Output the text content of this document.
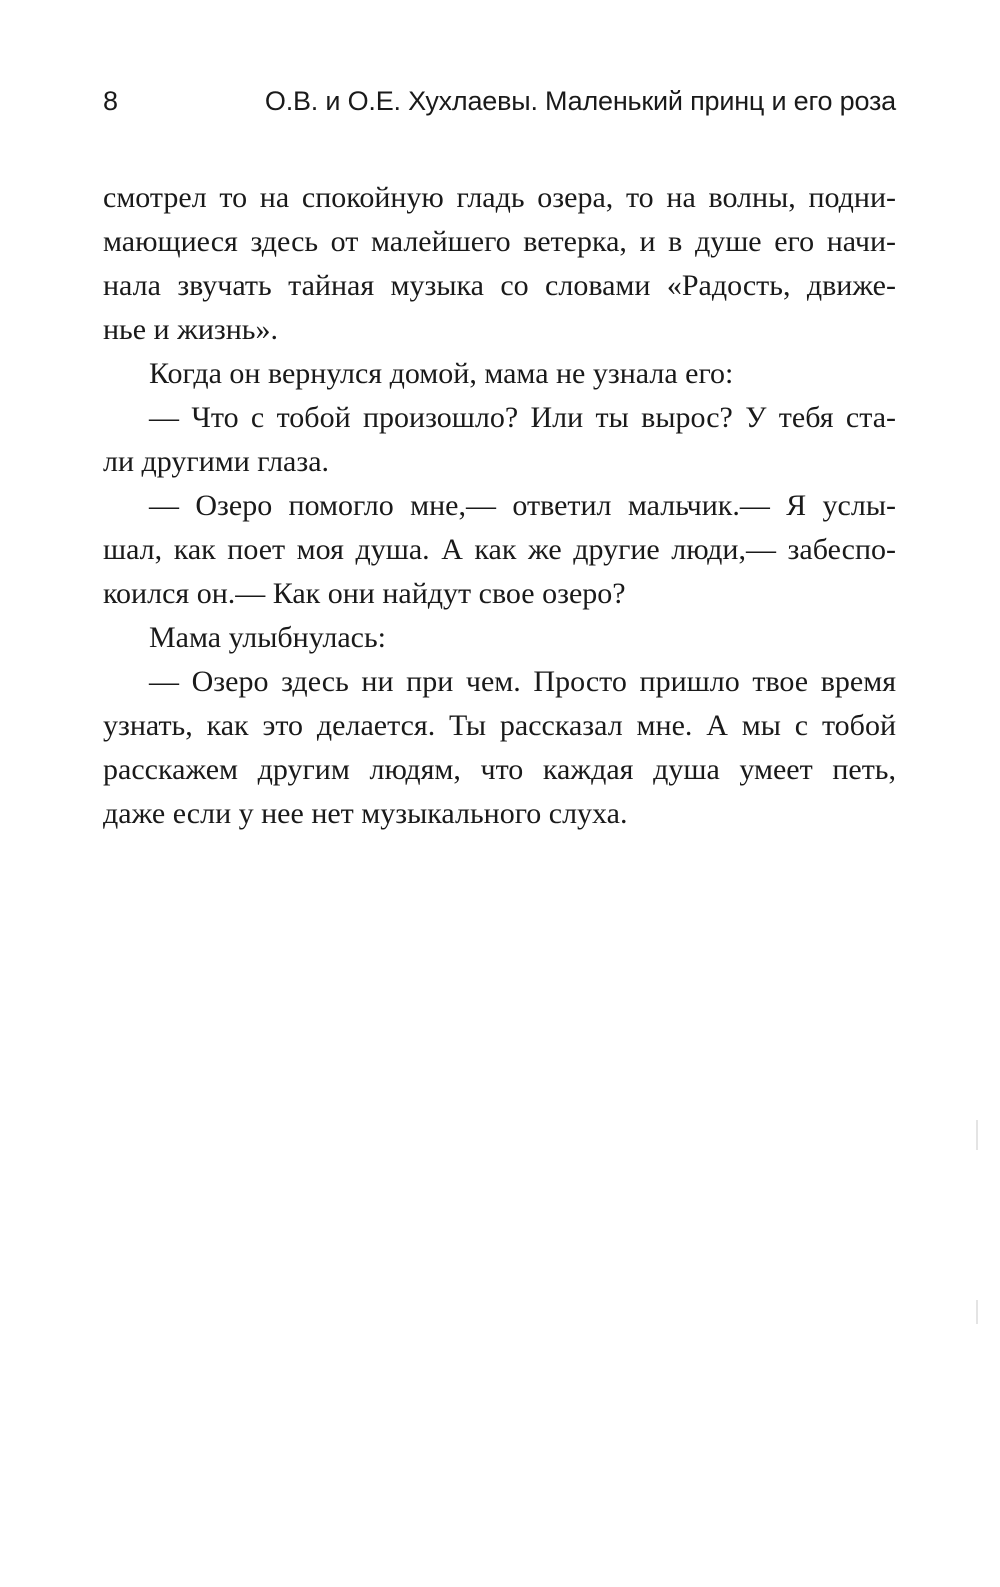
8	О.В. и О.Е. Хухлаевы. Маленький принц и его роза
смотрел то на спокойную гладь озера, то на волны, подни-
мающиеся здесь от малейшего ветерка, и в душе его начи-
нала звучать тайная музыка со словами «Радость, движе-
нье и жизнь».
Когда он вернулся домой, мама не узнала его:
— Что с тобой произошло? Или ты вырос? У тебя ста-
ли другими глаза.
— Озеро помогло мне,— ответил мальчик.— Я услы-
шал, как поет моя душа. А как же другие люди,— забеспо-
коился он.— Как они найдут свое озеро?
Мама улыбнулась:
— Озеро здесь ни при чем. Просто пришло твое время
узнать, как это делается. Ты рассказал мне. А мы с тобой
расскажем другим людям, что каждая душа умеет петь,
даже если у нее нет музыкального слуха.
